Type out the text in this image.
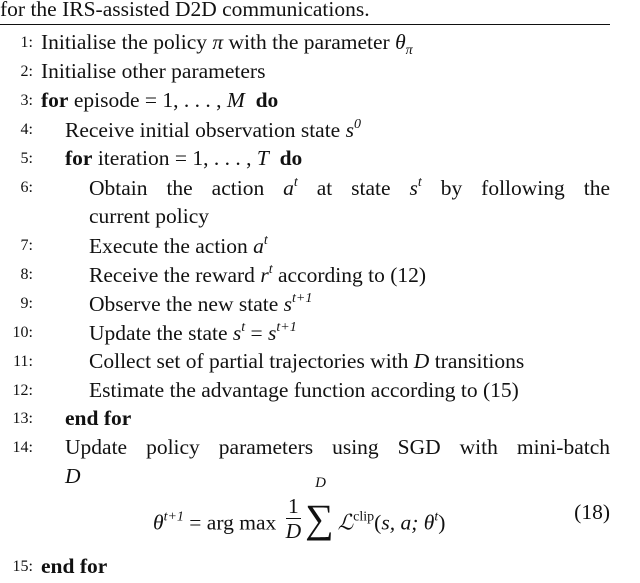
for the IRS-assisted D2D communications.
1: Initialise the policy π with the parameter $\theta_\pi$
2: Initialise other parameters
3: for episode = 1, . . . , M do
4: Receive initial observation state $s^0$
5: for iteration = 1, . . . , T do
6:	Obtain the action $a^t$ at state $s^t$ by following the
current policy
7:	Execute the action $a^t$
8:	Receive the reward $r^t$ according to (12)
9:	Observe the new state $s^{t+1}$
10:	Update the state $s^t = s^{t+1}$
11:	Collect set of partial trajectories with D transitions
12:	Estimate the advantage function according to (15)
13: end for
14: Update policy parameters using SGD with mini-batch
D
15: end for
$\theta^{t+1}$ = arg $\max \frac{1}{D}$
D
∑ ℒ$^{clip}$(s, a; $\theta^t$)	(18)
